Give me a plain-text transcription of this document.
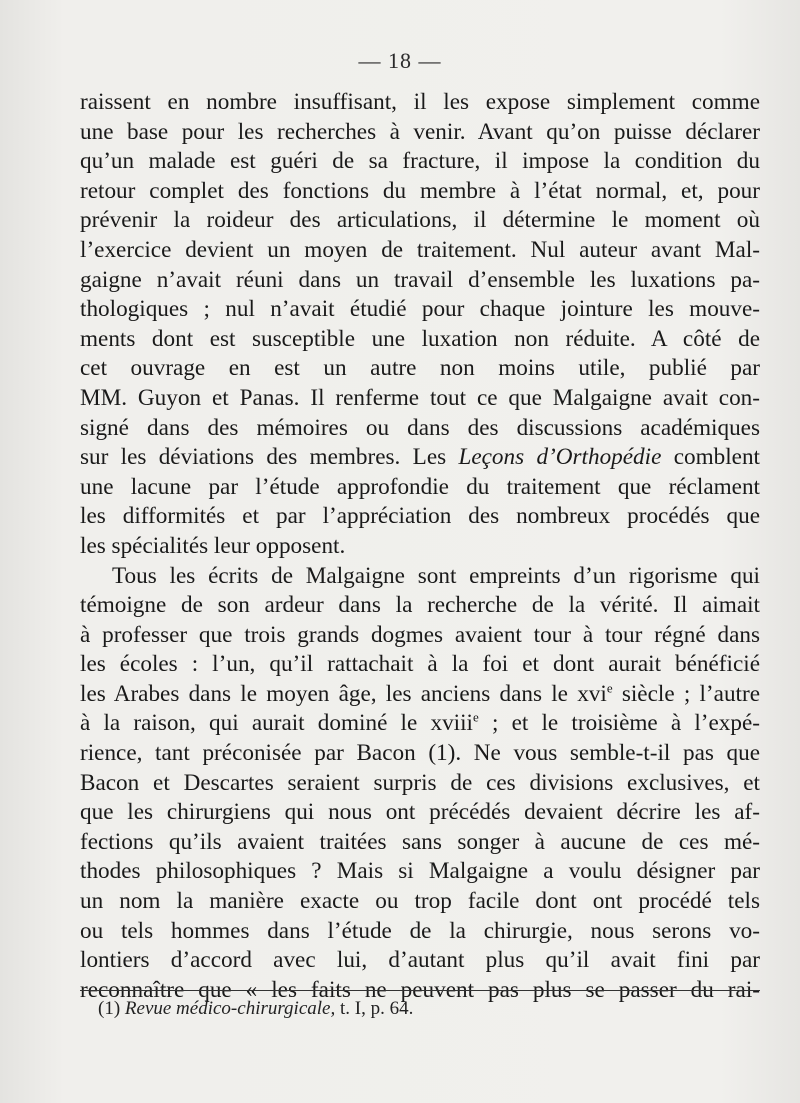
— 18 —
raissent en nombre insuffisant, il les expose simplement comme
une base pour les recherches à venir. Avant qu’on puisse déclarer
qu’un malade est guéri de sa fracture, il impose la condition du
retour complet des fonctions du membre à l’état normal, et, pour
prévenir la roideur des articulations, il détermine le moment où
l’exercice devient un moyen de traitement. Nul auteur avant Mal-
gaigne n’avait réuni dans un travail d’ensemble les luxations pa-
thologiques ; nul n’avait étudié pour chaque jointure les mouve-
ments dont est susceptible une luxation non réduite. A côté de
cet ouvrage en est un autre non moins utile, publié par
MM. Guyon et Panas. Il renferme tout ce que Malgaigne avait con-
signé dans des mémoires ou dans des discussions académiques
sur les déviations des membres. Les Leçons d’Orthopédie comblent
une lacune par l’étude approfondie du traitement que réclament
les difformités et par l’appréciation des nombreux procédés que
les spécialités leur opposent.
Tous les écrits de Malgaigne sont empreints d’un rigorisme qui
témoigne de son ardeur dans la recherche de la vérité. Il aimait
à professer que trois grands dogmes avaient tour à tour régné dans
les écoles : l’un, qu’il rattachait à la foi et dont aurait bénéficié
les Arabes dans le moyen âge, les anciens dans le xvi$^e$ siècle ; l’autre
à la raison, qui aurait dominé le xviii$^e$ ; et le troisième à l’expé-
rience, tant préconisée par Bacon (1). Ne vous semble-t-il pas que
Bacon et Descartes seraient surpris de ces divisions exclusives, et
que les chirurgiens qui nous ont précédés devaient décrire les af-
fections qu’ils avaient traitées sans songer à aucune de ces mé-
thodes philosophiques ? Mais si Malgaigne a voulu désigner par
un nom la manière exacte ou trop facile dont ont procédé tels
ou tels hommes dans l’étude de la chirurgie, nous serons vo-
lontiers d’accord avec lui, d’autant plus qu’il avait fini par
reconnaître que « les faits ne peuvent pas plus se passer du rai-
(1) Revue médico-chirurgicale, t. I, p. 64.
